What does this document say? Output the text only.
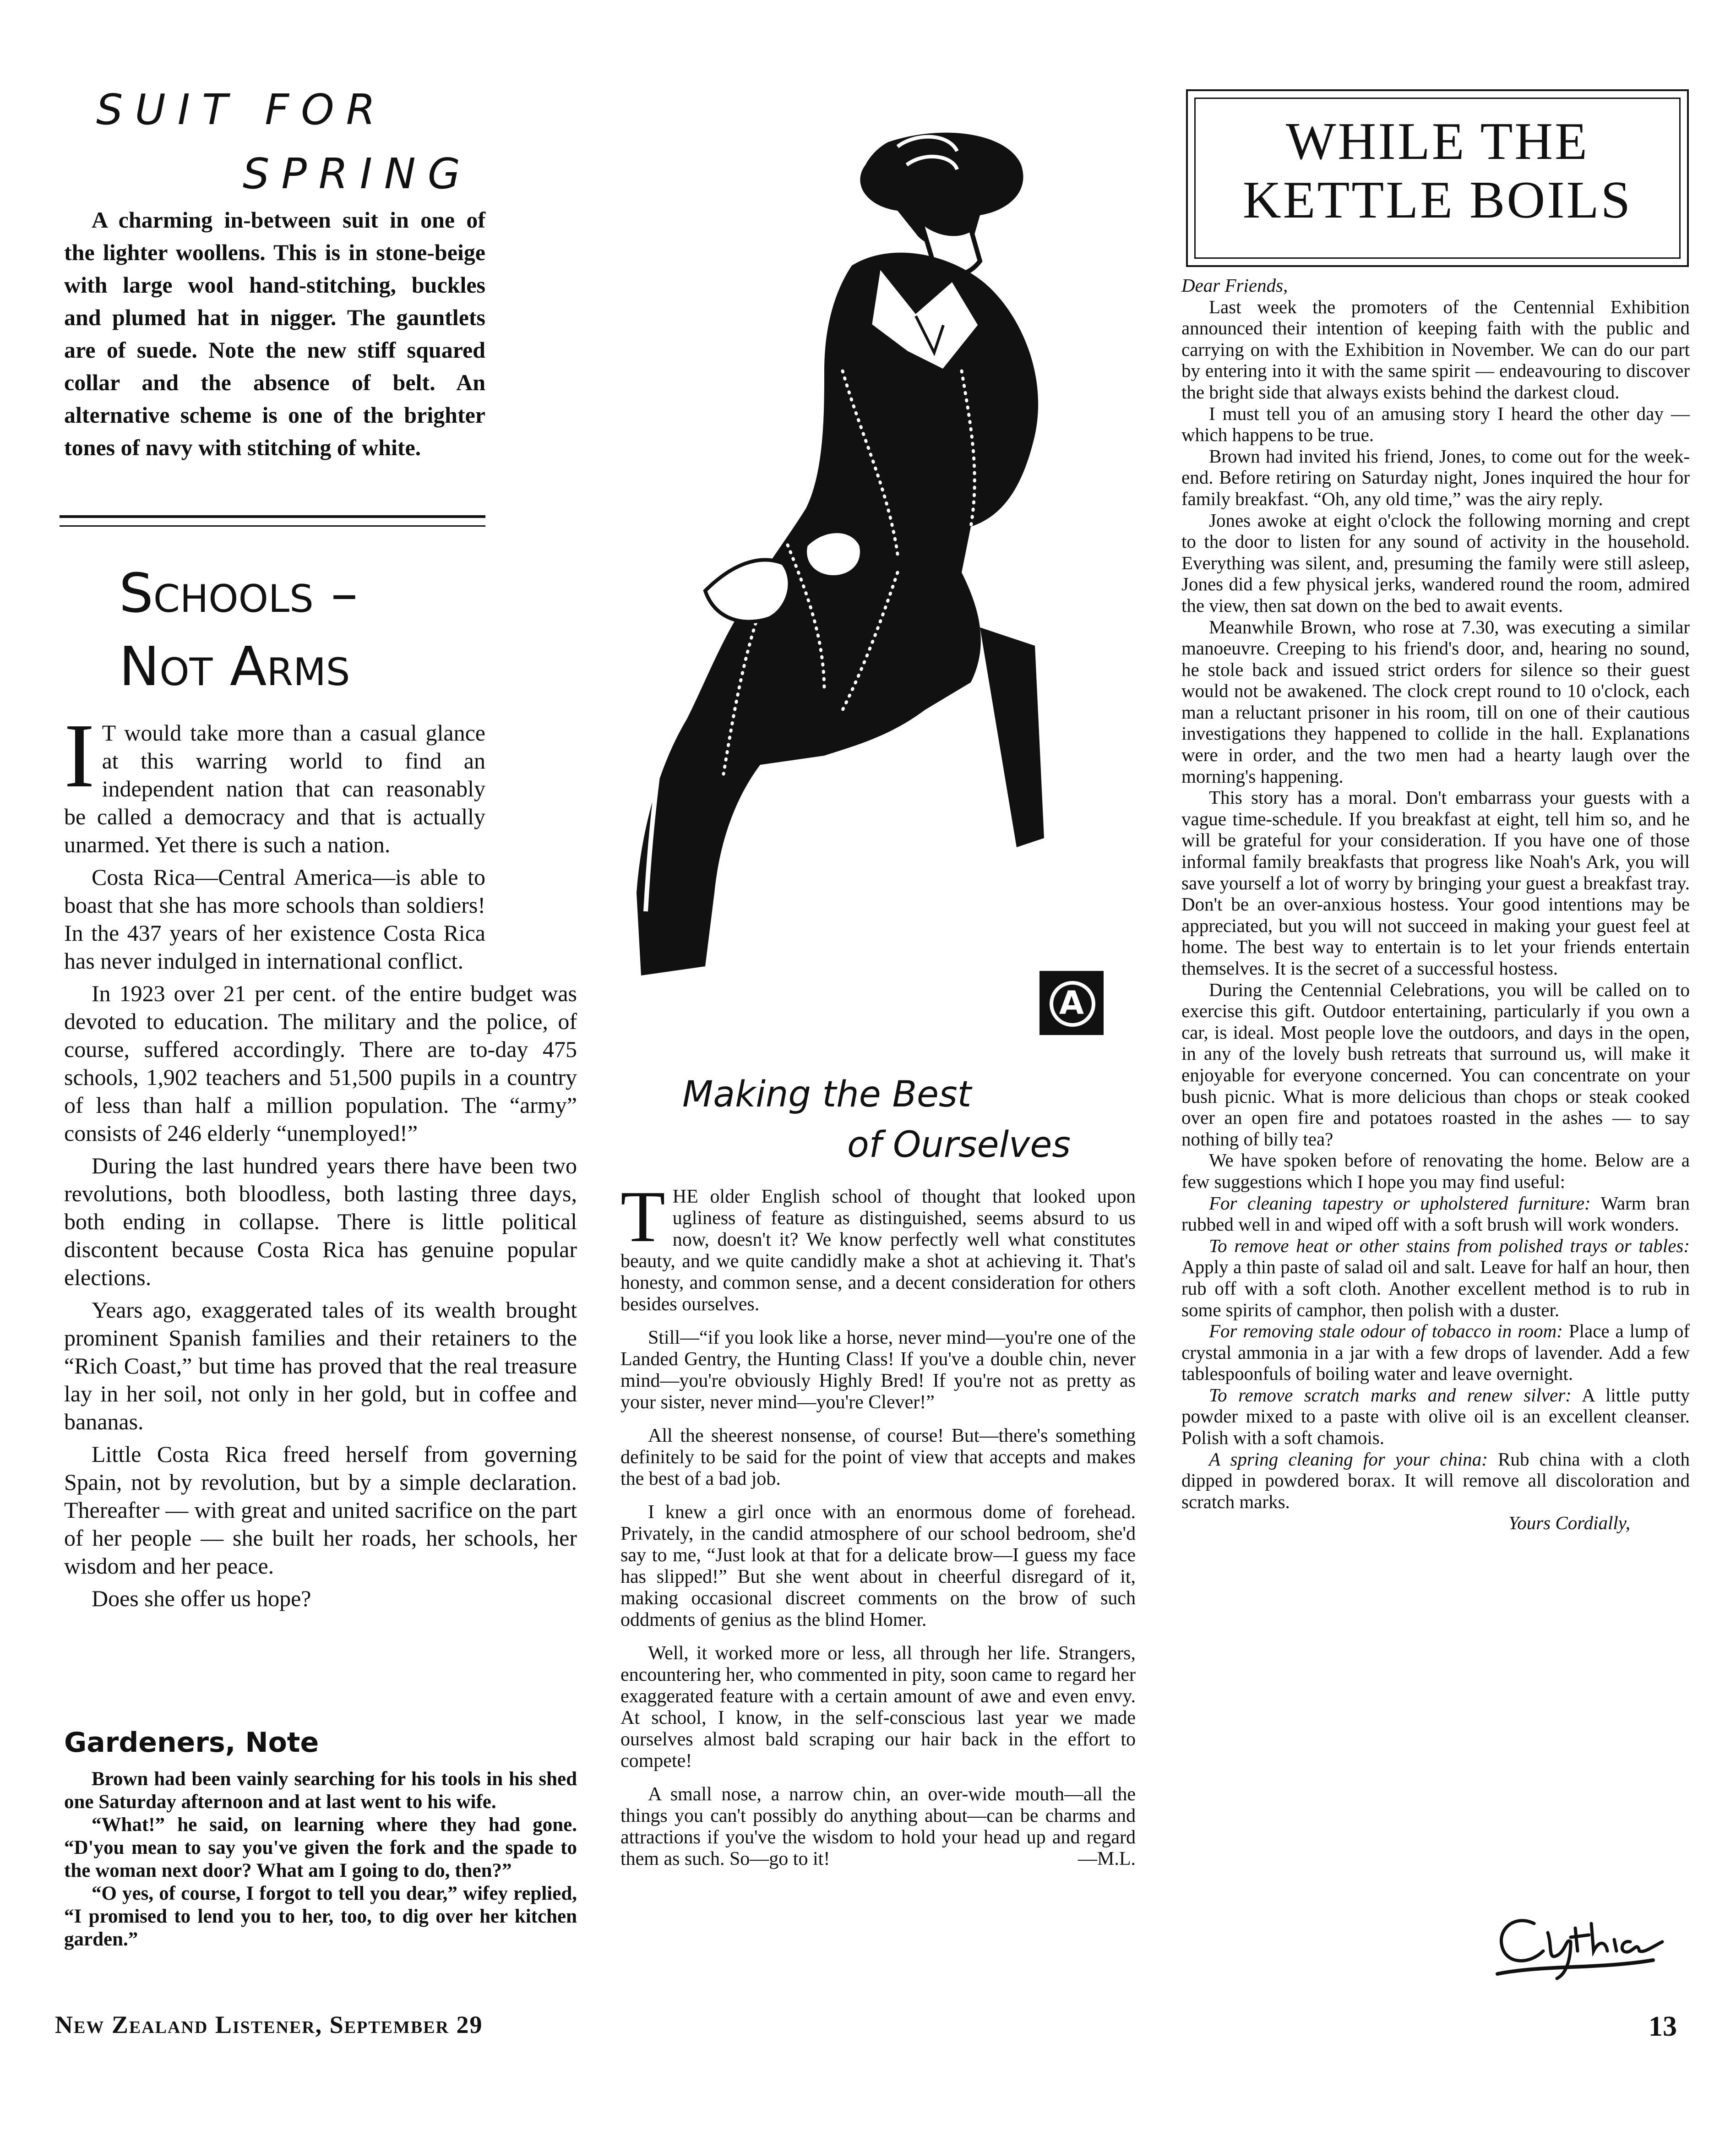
SUIT FOR
SPRING

A charming in-between suit in one of the lighter woollens. This is in stone-beige with large wool hand-stitching, buckles and plumed hat in nigger. The gauntlets are of suede. Note the new stiff squared collar and the absence of belt. An alternative scheme is one of the brighter tones of navy with stitching of white.

Schools –
Not Arms

I T would take more than a casual glance at this warring world to find an independent nation that can reasonably be called a democracy and that is actually unarmed. Yet there is such a nation.

Costa Rica—Central America—is able to boast that she has more schools than soldiers! In the 437 years of her existence Costa Rica has never indulged in international conflict.

In 1923 over 21 per cent. of the entire budget was devoted to education. The military and the police, of course, suffered accordingly. There are to-day 475 schools, 1,902 teachers and 51,500 pupils in a country of less than half a million population. The “army” consists of 246 elderly “unemployed!”

During the last hundred years there have been two revolutions, both bloodless, both lasting three days, both ending in collapse. There is little political discontent because Costa Rica has genuine popular elections.

Years ago, exaggerated tales of its wealth brought prominent Spanish families and their retainers to the “Rich Coast,” but time has proved that the real treasure lay in her soil, not only in her gold, but in coffee and bananas.

Little Costa Rica freed herself from governing Spain, not by revolution, but by a simple declaration. Thereafter — with great and united sacrifice on the part of her people — she built her roads, her schools, her wisdom and her peace.

Does she offer us hope?

Gardeners, Note

Brown had been vainly searching for his tools in his shed one Saturday afternoon and at last went to his wife.

“What!” he said, on learning where they had gone. “D'you mean to say you've given the fork and the spade to the woman next door? What am I going to do, then?”

“O yes, of course, I forgot to tell you dear,” wifey replied, “I promised to lend you to her, too, to dig over her kitchen garden.”

New Zealand Listener, September 29
A
Making the Best
of Ourselves

THE older English school of thought that looked upon ugliness of feature as distinguished, seems absurd to us now, doesn't it? We know perfectly well what constitutes beauty, and we quite candidly make a shot at achieving it. That's honesty, and common sense, and a decent consideration for others besides ourselves.

Still—“if you look like a horse, never mind—you're one of the Landed Gentry, the Hunting Class! If you've a double chin, never mind—you're obviously Highly Bred! If you're not as pretty as your sister, never mind—you're Clever!”

All the sheerest nonsense, of course! But—there's something definitely to be said for the point of view that accepts and makes the best of a bad job.

I knew a girl once with an enormous dome of forehead. Privately, in the candid atmosphere of our school bedroom, she'd say to me, “Just look at that for a delicate brow—I guess my face has slipped!” But she went about in cheerful disregard of it, making occasional discreet comments on the brow of such oddments of genius as the blind Homer.

Well, it worked more or less, all through her life. Strangers, encountering her, who commented in pity, soon came to regard her exaggerated feature with a certain amount of awe and even envy. At school, I know, in the self-conscious last year we made ourselves almost bald scraping our hair back in the effort to compete!

A small nose, a narrow chin, an over-wide mouth—all the things you can't possibly do anything about—can be charms and attractions if you've the wisdom to hold your head up and regard them as such. So—go to it!	—M.L.

WHILE THE
KETTLE BOILS

Dear Friends,

Last week the promoters of the Centennial Exhibition announced their intention of keeping faith with the public and carrying on with the Exhibition in November. We can do our part by entering into it with the same spirit — endeavouring to discover the bright side that always exists behind the darkest cloud.

I must tell you of an amusing story I heard the other day — which happens to be true.

Brown had invited his friend, Jones, to come out for the week-end. Before retiring on Saturday night, Jones inquired the hour for family breakfast. “Oh, any old time,” was the airy reply.

Jones awoke at eight o'clock the following morning and crept to the door to listen for any sound of activity in the household. Everything was silent, and, presuming the family were still asleep, Jones did a few physical jerks, wandered round the room, admired the view, then sat down on the bed to await events.

Meanwhile Brown, who rose at 7.30, was executing a similar manoeuvre. Creeping to his friend's door, and, hearing no sound, he stole back and issued strict orders for silence so their guest would not be awakened. The clock crept round to 10 o'clock, each man a reluctant prisoner in his room, till on one of their cautious investigations they happened to collide in the hall. Explanations were in order, and the two men had a hearty laugh over the morning's happening.

This story has a moral. Don't embarrass your guests with a vague time-schedule. If you breakfast at eight, tell him so, and he will be grateful for your consideration. If you have one of those informal family breakfasts that progress like Noah's Ark, you will save yourself a lot of worry by bringing your guest a breakfast tray. Don't be an over-anxious hostess. Your good intentions may be appreciated, but you will not succeed in making your guest feel at home. The best way to entertain is to let your friends entertain themselves. It is the secret of a successful hostess.

During the Centennial Celebrations, you will be called on to exercise this gift. Outdoor entertaining, particularly if you own a car, is ideal. Most people love the outdoors, and days in the open, in any of the lovely bush retreats that surround us, will make it enjoyable for everyone concerned. You can concentrate on your bush picnic. What is more delicious than chops or steak cooked over an open fire and potatoes roasted in the ashes — to say nothing of billy tea?

We have spoken before of renovating the home. Below are a few suggestions which I hope you may find useful:

For cleaning tapestry or upholstered furniture: Warm bran rubbed well in and wiped off with a soft brush will work wonders.

To remove heat or other stains from polished trays or tables: Apply a thin paste of salad oil and salt. Leave for half an hour, then rub off with a soft cloth. Another excellent method is to rub in some spirits of camphor, then polish with a duster.

For removing stale odour of tobacco in room: Place a lump of crystal ammonia in a jar with a few drops of lavender. Add a few tablespoonfuls of boiling water and leave overnight.

To remove scratch marks and renew silver: A little putty powder mixed to a paste with olive oil is an excellent cleanser. Polish with a soft chamois.

A spring cleaning for your china: Rub china with a cloth dipped in powdered borax. It will remove all discoloration and scratch marks.

Yours Cordially,

13
